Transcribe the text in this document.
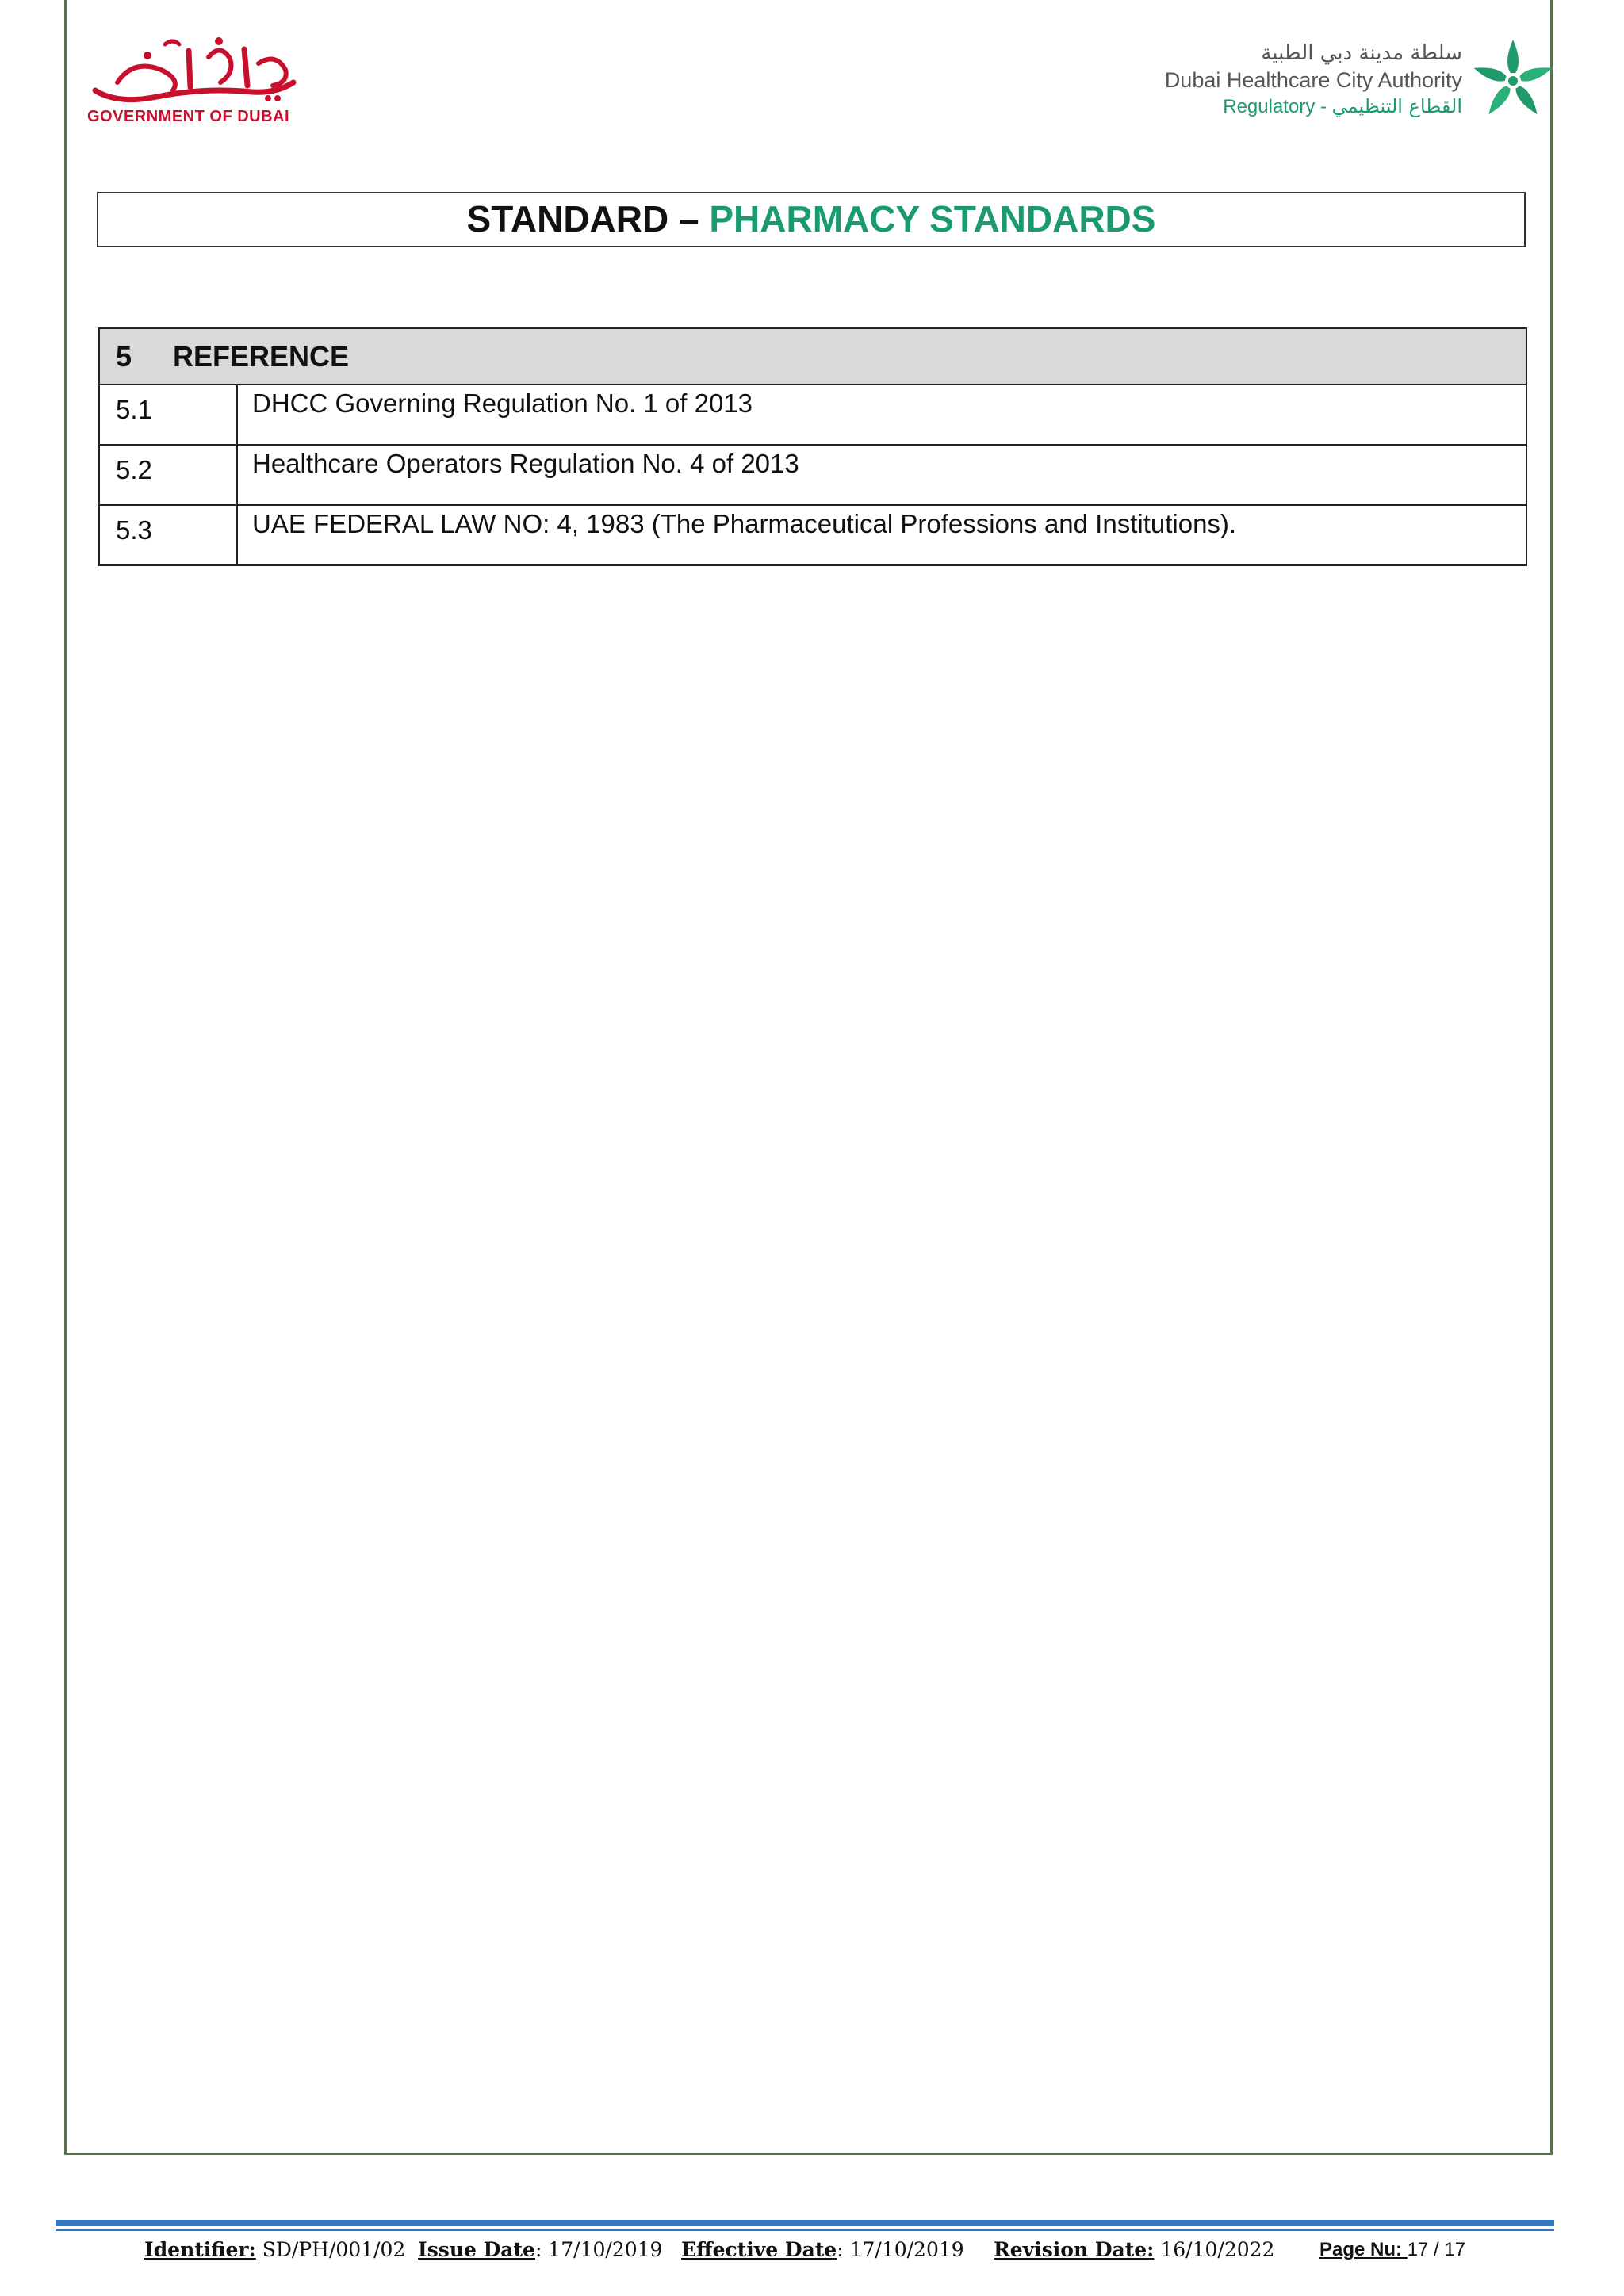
GOVERNMENT OF DUBAI
سلطة مدينة دبي الطبية
Dubai Healthcare City Authority
Regulatory - القطاع التنظيمي
STANDARD – PHARMACY STANDARDS
5 REFERENCE	
5.1	DHCC Governing Regulation No. 1 of 2013
5.2	Healthcare Operators Regulation No. 4 of 2013
5.3	UAE FEDERAL LAW NO: 4, 1983 (The Pharmaceutical Professions and Institutions).
Identifier: SD/PH/001/02 Issue Date: 17/10/2019 Effective Date: 17/10/2019 Revision Date: 16/10/2022 Page Nu: 17 / 17
